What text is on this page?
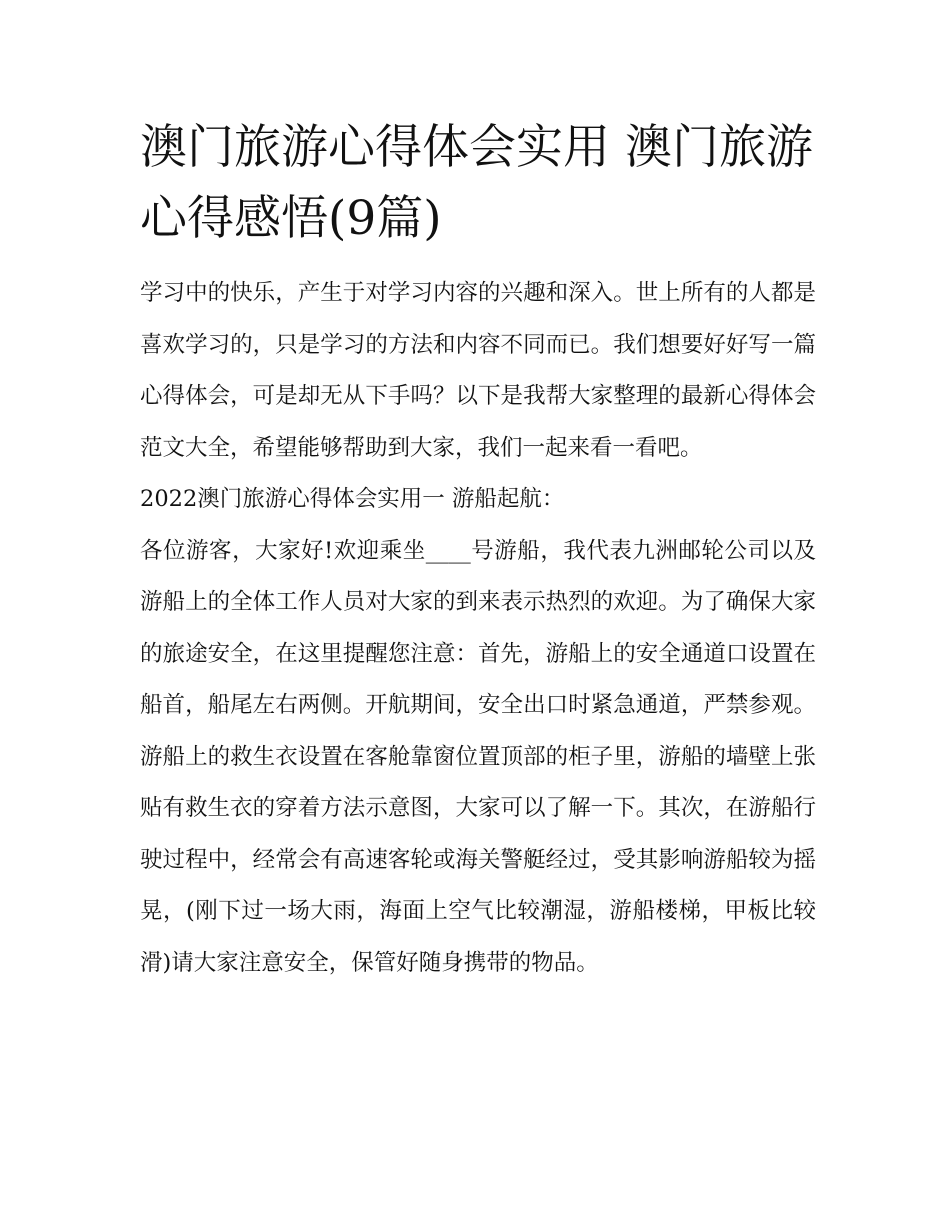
澳门旅游心得体会实用 澳门旅游心得感悟(9篇)

学习中的快乐，产生于对学习内容的兴趣和深入。世上所有的人都是喜欢学习的，只是学习的方法和内容不同而已。我们想要好好写一篇心得体会，可是却无从下手吗？以下是我帮大家整理的最新心得体会范文大全，希望能够帮助到大家，我们一起来看一看吧。

2022澳门旅游心得体会实用一 游船起航：

各位游客，大家好!欢迎乘坐____号游船，我代表九洲邮轮公司以及游船上的全体工作人员对大家的到来表示热烈的欢迎。为了确保大家的旅途安全，在这里提醒您注意：首先，游船上的安全通道口设置在船首，船尾左右两侧。开航期间，安全出口时紧急通道，严禁参观。游船上的救生衣设置在客舱靠窗位置顶部的柜子里，游船的墙壁上张贴有救生衣的穿着方法示意图，大家可以了解一下。其次，在游船行驶过程中，经常会有高速客轮或海关警艇经过，受其影响游船较为摇晃，(刚下过一场大雨，海面上空气比较潮湿，游船楼梯，甲板比较滑)请大家注意安全，保管好随身携带的物品。
